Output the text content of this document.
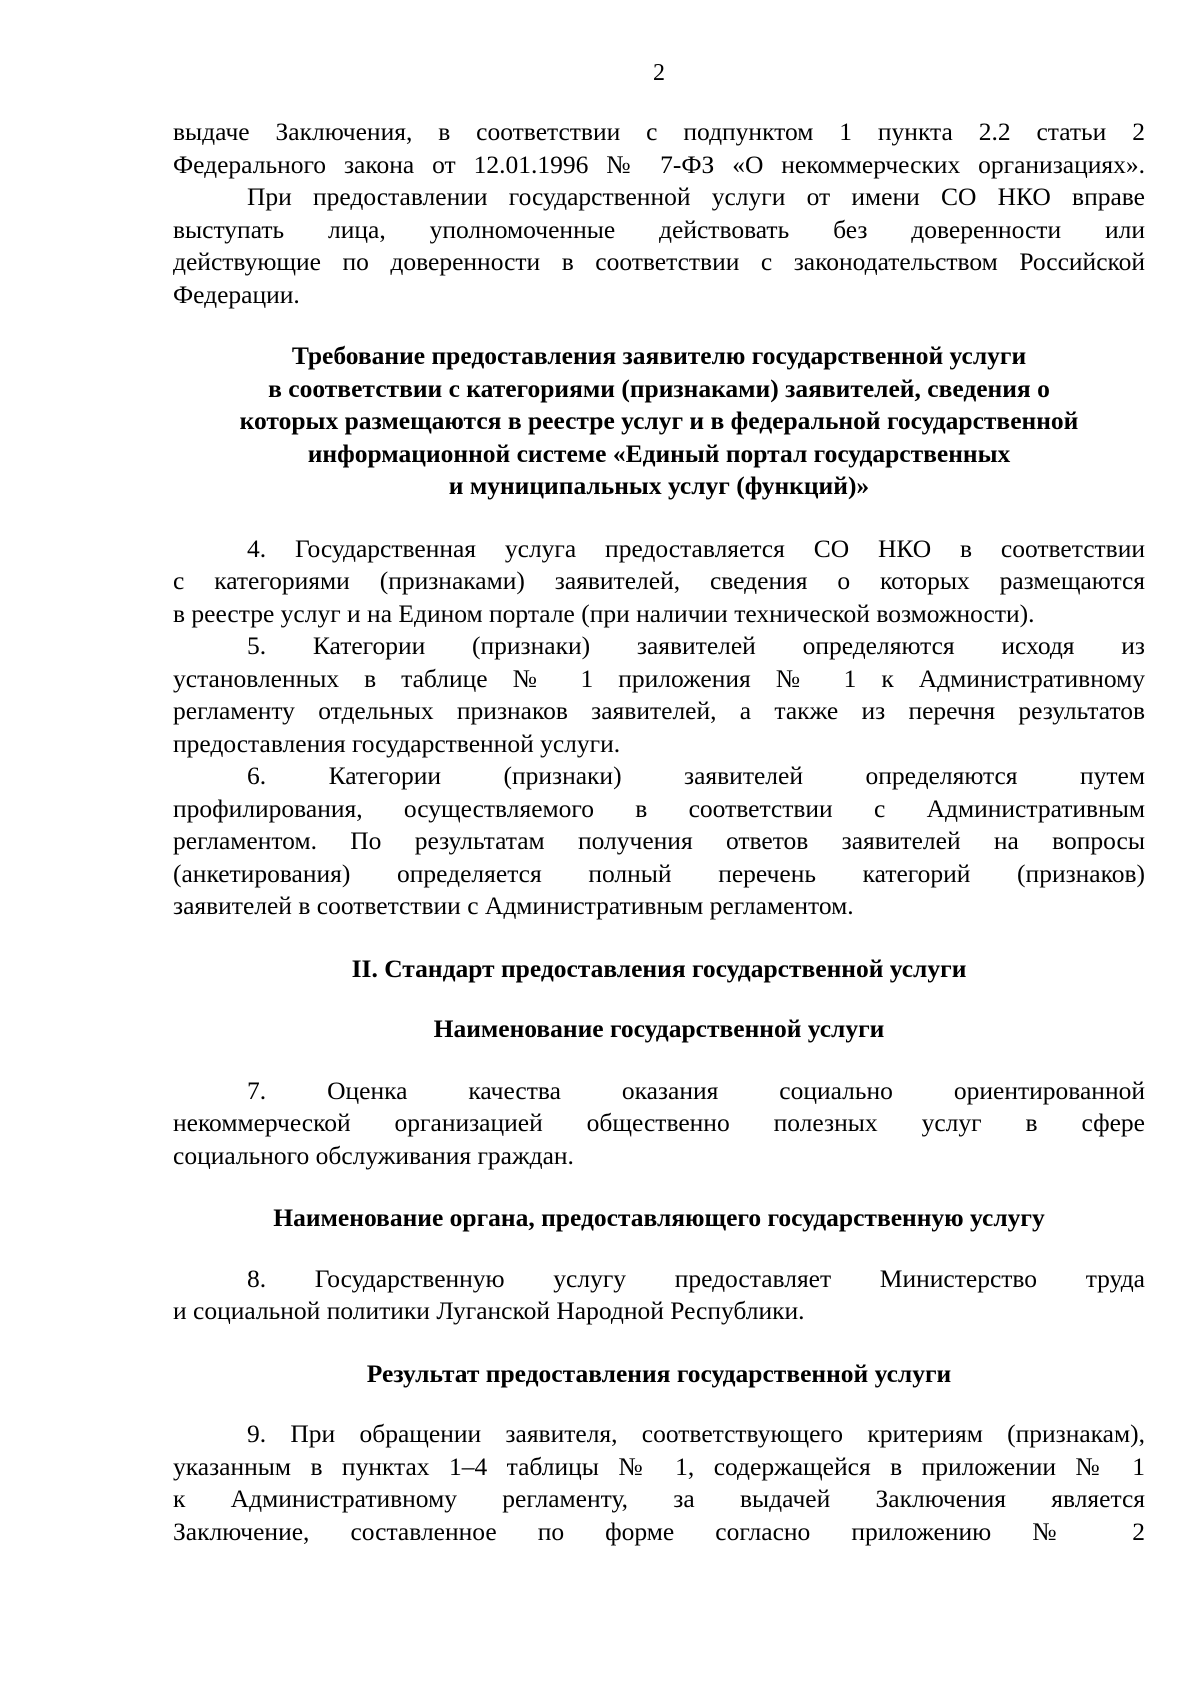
2

выдаче Заключения, в соответствии с подпунктом 1 пункта 2.2 статьи 2
Федерального закона от 12.01.1996 № 7-ФЗ «О некоммерческих организациях».

При предоставлении государственной услуги от имени СО НКО вправе
выступать лица, уполномоченные действовать без доверенности или
действующие по доверенности в соответствии с законодательством Российской
Федерации.

Требование предоставления заявителю государственной услуги
в соответствии с категориями (признаками) заявителей, сведения о
которых размещаются в реестре услуг и в федеральной государственной
информационной системе «Единый портал государственных
и муниципальных услуг (функций)»

4. Государственная услуга предоставляется СО НКО в соответствии
с категориями (признаками) заявителей, сведения о которых размещаются
в реестре услуг и на Едином портале (при наличии технической возможности).

5. Категории (признаки) заявителей определяются исходя из
установленных в таблице № 1 приложения № 1 к Административному
регламенту отдельных признаков заявителей, а также из перечня результатов
предоставления государственной услуги.

6. Категории (признаки) заявителей определяются путем
профилирования, осуществляемого в соответствии с Административным
регламентом. По результатам получения ответов заявителей на вопросы
(анкетирования) определяется полный перечень категорий (признаков)
заявителей в соответствии с Административным регламентом.

II. Стандарт предоставления государственной услуги
Наименование государственной услуги

7. Оценка качества оказания социально ориентированной
некоммерческой организацией общественно полезных услуг в сфере
социального обслуживания граждан.

Наименование органа, предоставляющего государственную услугу

8. Государственную услугу предоставляет Министерство труда
и социальной политики Луганской Народной Республики.

Результат предоставления государственной услуги

9. При обращении заявителя, соответствующего критериям (признакам),
указанным в пунктах 1–4 таблицы № 1, содержащейся в приложении № 1
к Административному регламенту, за выдачей Заключения является
Заключение, составленное по форме согласно приложению № 2
